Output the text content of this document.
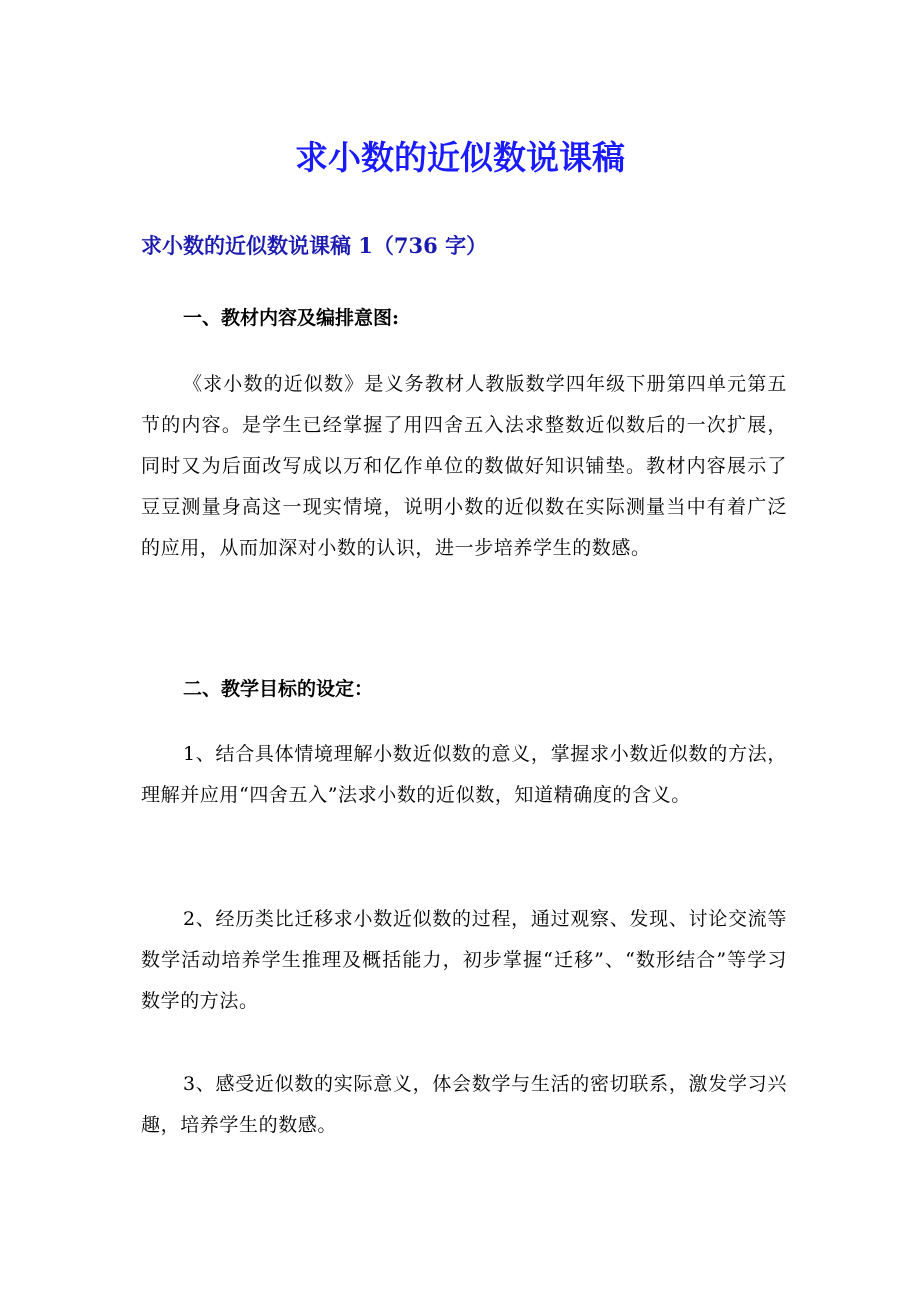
求小数的近似数说课稿
求小数的近似数说课稿 1（736 字）
一、教材内容及编排意图:

《求小数的近似数》是义务教材人教版数学四年级下册第四单元第五节的内容。是学生已经掌握了用四舍五入法求整数近似数后的一次扩展，同时又为后面改写成以万和亿作单位的数做好知识铺垫。教材内容展示了豆豆测量身高这一现实情境，说明小数的近似数在实际测量当中有着广泛的应用，从而加深对小数的认识，进一步培养学生的数感。

二、教学目标的设定：

1、结合具体情境理解小数近似数的意义，掌握求小数近似数的方法，理解并应用“四舍五入”法求小数的近似数，知道精确度的含义。

2、经历类比迁移求小数近似数的过程，通过观察、发现、讨论交流等数学活动培养学生推理及概括能力，初步掌握“迁移”、“数形结合”等学习数学的方法。

3、感受近似数的实际意义，体会数学与生活的密切联系，激发学习兴趣，培养学生的数感。
